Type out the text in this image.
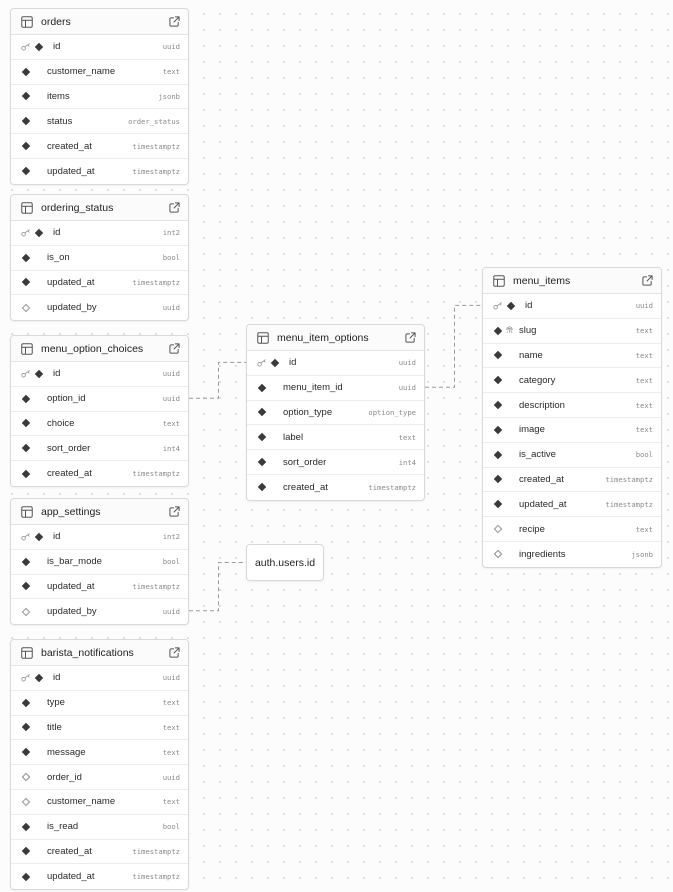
orders
id	uuid
customer_name	text
items	jsonb
status	order_status
created_at	timestamptz
updated_at	timestamptz
ordering_status
id	int2
is_on	bool
updated_at	timestamptz
updated_by	uuid
menu_option_choices
id	uuid
option_id	uuid
choice	text
sort_order	int4
created_at	timestamptz
app_settings
id	int2
is_bar_mode	bool
updated_at	timestamptz
updated_by	uuid
barista_notifications
id	uuid
type	text
title	text
message	text
order_id	uuid
customer_name	text
is_read	bool
created_at	timestamptz
updated_at	timestamptz
menu_item_options
id	uuid
menu_item_id	uuid
option_type	option_type
label	text
sort_order	int4
created_at	timestamptz
menu_items
id	uuid
slug	text
name	text
category	text
description	text
image	text
is_active	bool
created_at	timestamptz
updated_at	timestamptz
recipe	text
ingredients	jsonb
auth.users.id
